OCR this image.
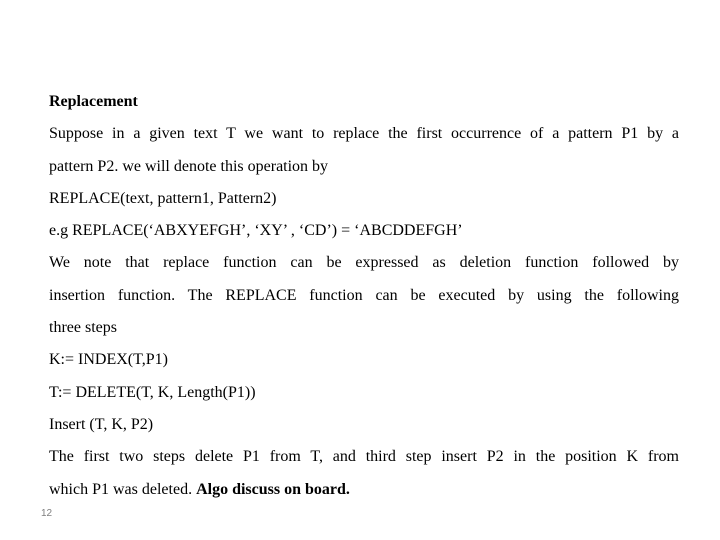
Replacement
Suppose in a given text T we want to replace the first occurrence of a pattern P1 by a
pattern P2. we will denote this operation by
REPLACE(text, pattern1, Pattern2)
e.g REPLACE(‘ABXYEFGH’, ‘XY’ , ‘CD’) = ‘ABCDDEFGH’
We note that replace function can be expressed as deletion function followed by
insertion function. The REPLACE function can be executed by using the following
three steps
K:= INDEX(T,P1)
T:= DELETE(T, K, Length(P1))
Insert (T, K, P2)
The first two steps delete P1 from T, and third step insert P2 in the position K from
which P1 was deleted. Algo discuss on board.
12
